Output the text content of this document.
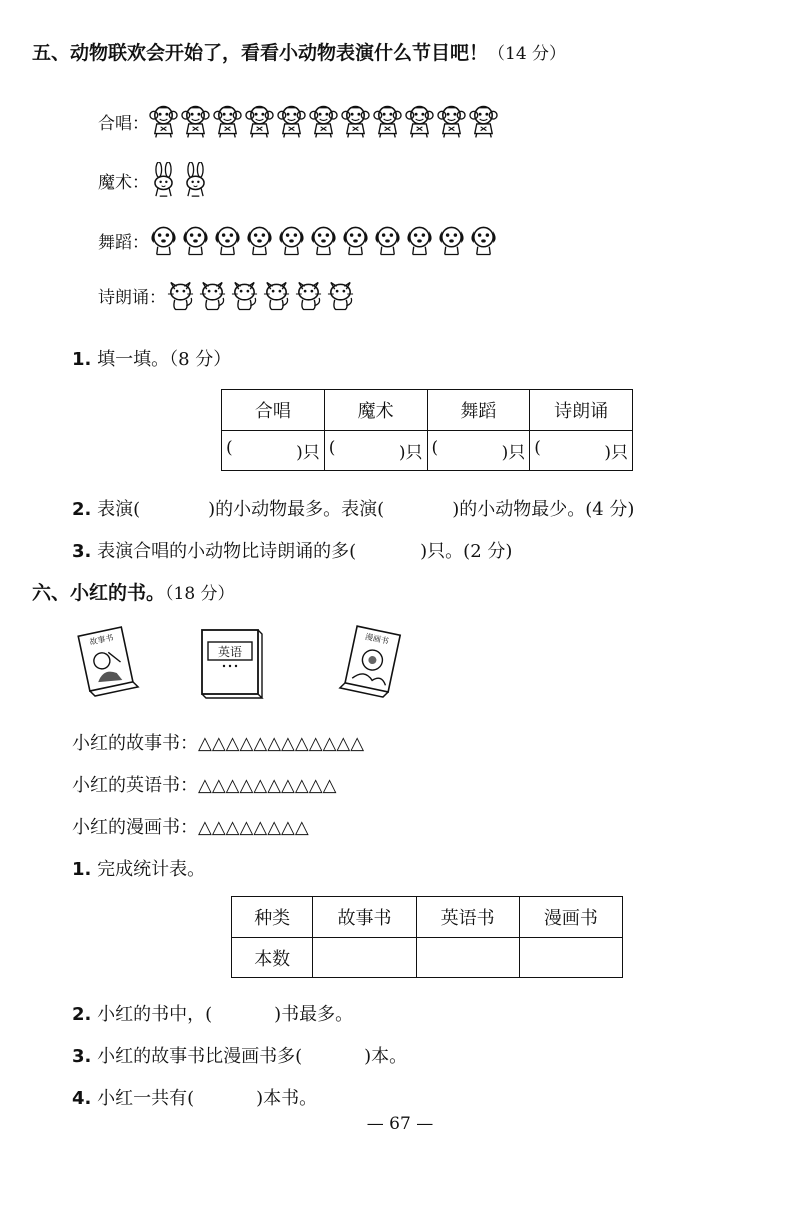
五、动物联欢会开始了，看看小动物表演什么节目吧！（14 分）
合唱：
魔术：
舞蹈：
诗朗诵：
1. 填一填。（8 分）
合唱	魔术	舞蹈	诗朗诵

( )只	( )只	( )只	( )只
2. 表演(	)的小动物最多。表演(	)的小动物最少。(4 分)
3. 表演合唱的小动物比诗朗诵的多(	)只。(2 分)
六、小红的书。（18 分）
故事书
英语
漫画书
小红的故事书：△△△△△△△△△△△△
小红的英语书：△△△△△△△△△△
小红的漫画书：△△△△△△△△
1. 完成统计表。
种类	故事书	英语书	漫画书
本数			
2. 小红的书中，(	)书最多。
3. 小红的故事书比漫画书多(	)本。
4. 小红一共有(	)本书。
— 67 —
